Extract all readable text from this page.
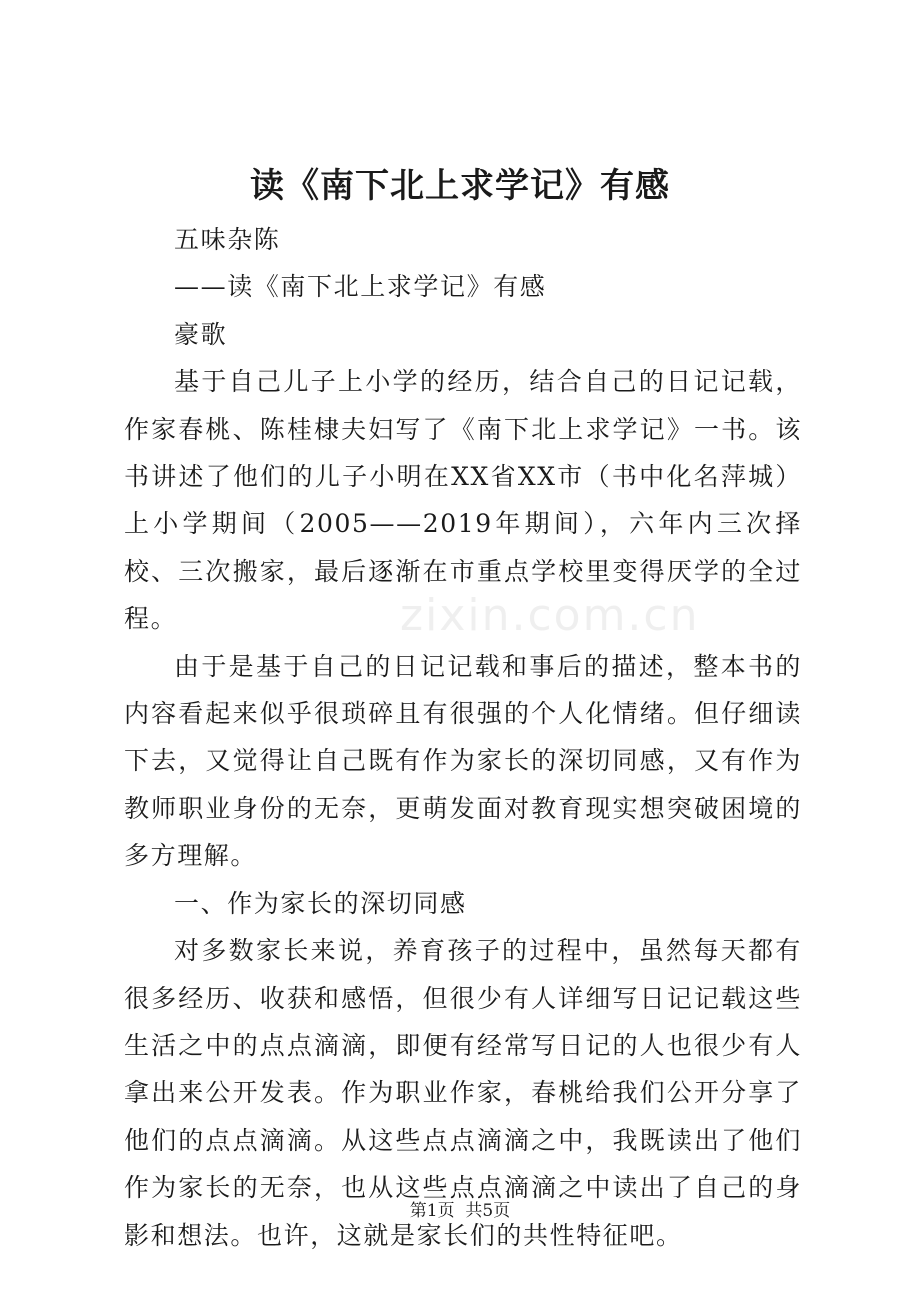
读《南下北上求学记》有感

五味杂陈

——读《南下北上求学记》有感

豪歌

基于自己儿子上小学的经历，结合自己的日记记载，作家春桃、陈桂棣夫妇写了《南下北上求学记》一书。该书讲述了他们的儿子小明在XX省XX市（书中化名萍城）上小学期间（2005——2019年期间），六年内三次择校、三次搬家，最后逐渐在市重点学校里变得厌学的全过程。

由于是基于自己的日记记载和事后的描述，整本书的内容看起来似乎很琐碎且有很强的个人化情绪。但仔细读下去，又觉得让自己既有作为家长的深切同感，又有作为教师职业身份的无奈，更萌发面对教育现实想突破困境的多方理解。

一、作为家长的深切同感

对多数家长来说，养育孩子的过程中，虽然每天都有很多经历、收获和感悟，但很少有人详细写日记记载这些生活之中的点点滴滴，即便有经常写日记的人也很少有人拿出来公开发表。作为职业作家，春桃给我们公开分享了他们的点点滴滴。从这些点点滴滴之中，我既读出了他们作为家长的无奈，也从这些点点滴滴之中读出了自己的身影和想法。也许，这就是家长们的共性特征吧。

zixin.com.cn
第1页 共5页
